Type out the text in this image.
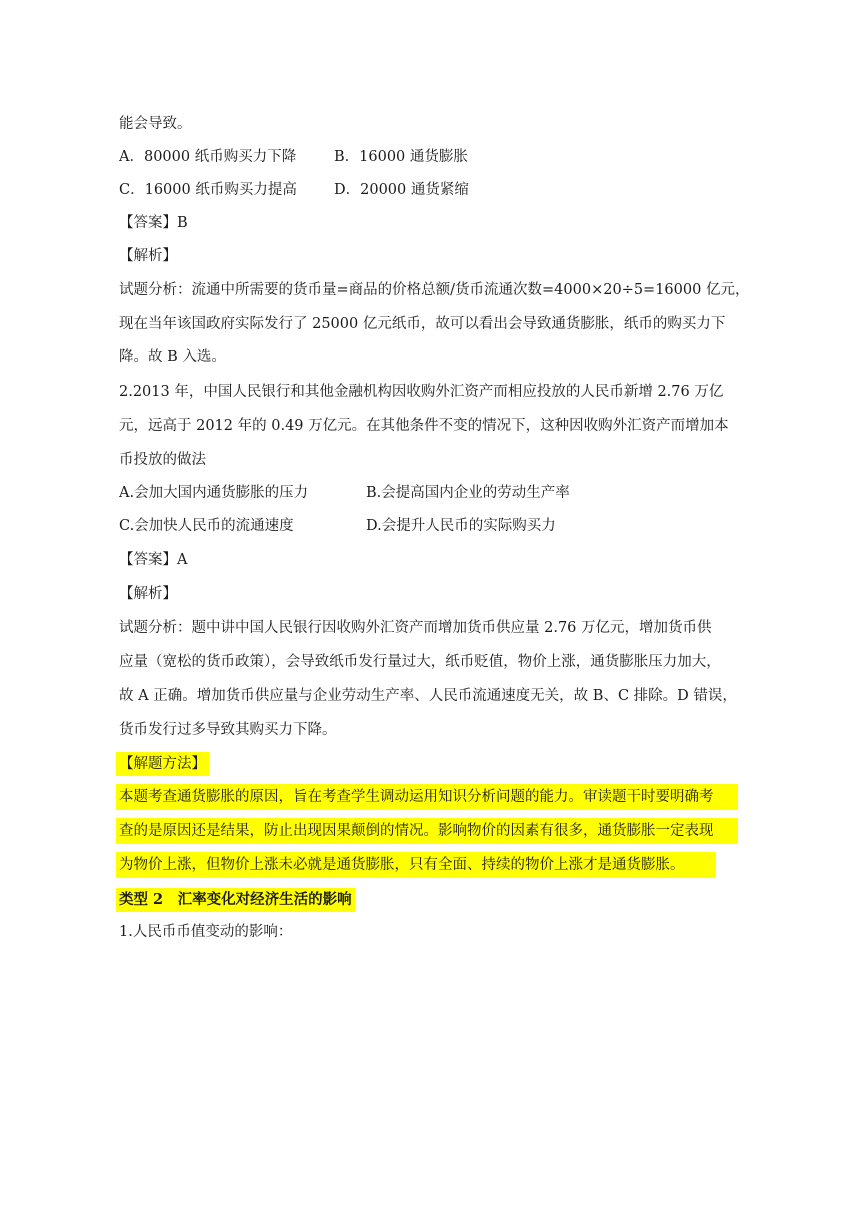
能会导致。
A．80000 纸币购买力下降	B．16000 通货膨胀
C．16000 纸币购买力提高	D．20000 通货紧缩
【答案】B
【解析】
试题分析：流通中所需要的货币量=商品的价格总额/货币流通次数=4000×20÷5=16000 亿元，
现在当年该国政府实际发行了 25000 亿元纸币，故可以看出会导致通货膨胀，纸币的购买力下
降。故 B 入选。
2.2013 年，中国人民银行和其他金融机构因收购外汇资产而相应投放的人民币新增 2.76 万亿
元，远高于 2012 年的 0.49 万亿元。在其他条件不变的情况下，这种因收购外汇资产而增加本
币投放的做法
A.会加大国内通货膨胀的压力	B.会提高国内企业的劳动生产率
C.会加快人民币的流通速度	D.会提升人民币的实际购买力
【答案】A
【解析】
试题分析：题中讲中国人民银行因收购外汇资产而增加货币供应量 2.76 万亿元，增加货币供
应量（宽松的货币政策），会导致纸币发行量过大，纸币贬值，物价上涨，通货膨胀压力加大，
故 A 正确。增加货币供应量与企业劳动生产率、人民币流通速度无关，故 B、C 排除。D 错误，
货币发行过多导致其购买力下降。
【解题方法】
本题考查通货膨胀的原因，旨在考查学生调动运用知识分析问题的能力。审读题干时要明确考
查的是原因还是结果，防止出现因果颠倒的情况。影响物价的因素有很多，通货膨胀一定表现
为物价上涨，但物价上涨未必就是通货膨胀，只有全面、持续的物价上涨才是通货膨胀。
类型 2　汇率变化对经济生活的影响
1.人民币币值变动的影响：
